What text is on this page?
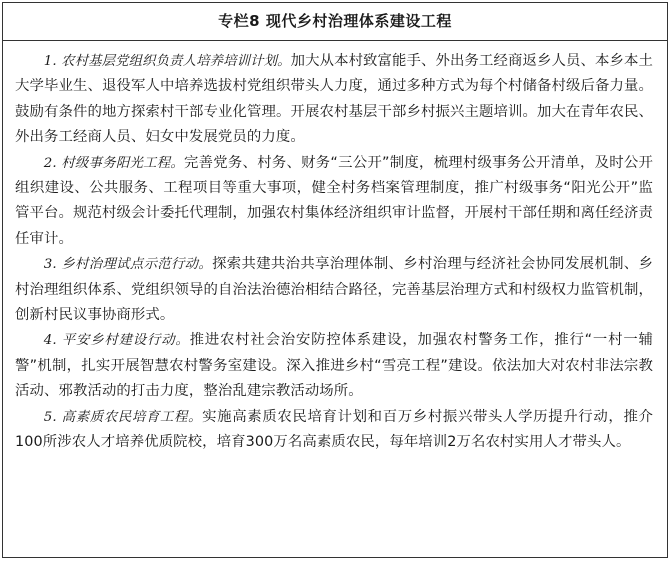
专栏8 现代乡村治理体系建设工程

1. 农村基层党组织负责人培养培训计划。加大从本村致富能手、外出务工经商返乡人员、本乡本土大学毕业生、退役军人中培养选拔村党组织带头人力度，通过多种方式为每个村储备村级后备力量。鼓励有条件的地方探索村干部专业化管理。开展农村基层干部乡村振兴主题培训。加大在青年农民、外出务工经商人员、妇女中发展党员的力度。

2. 村级事务阳光工程。完善党务、村务、财务“三公开”制度，梳理村级事务公开清单，及时公开组织建设、公共服务、工程项目等重大事项，健全村务档案管理制度，推广村级事务“阳光公开”监管平台。规范村级会计委托代理制，加强农村集体经济组织审计监督，开展村干部任期和离任经济责任审计。

3. 乡村治理试点示范行动。探索共建共治共享治理体制、乡村治理与经济社会协同发展机制、乡村治理组织体系、党组织领导的自治法治德治相结合路径，完善基层治理方式和村级权力监管机制，创新村民议事协商形式。

4. 平安乡村建设行动。推进农村社会治安防控体系建设，加强农村警务工作，推行“一村一辅警”机制，扎实开展智慧农村警务室建设。深入推进乡村“雪亮工程”建设。依法加大对农村非法宗教活动、邪教活动的打击力度，整治乱建宗教活动场所。

5. 高素质农民培育工程。实施高素质农民培育计划和百万乡村振兴带头人学历提升行动，推介100所涉农人才培养优质院校，培育300万名高素质农民，每年培训2万名农村实用人才带头人。
